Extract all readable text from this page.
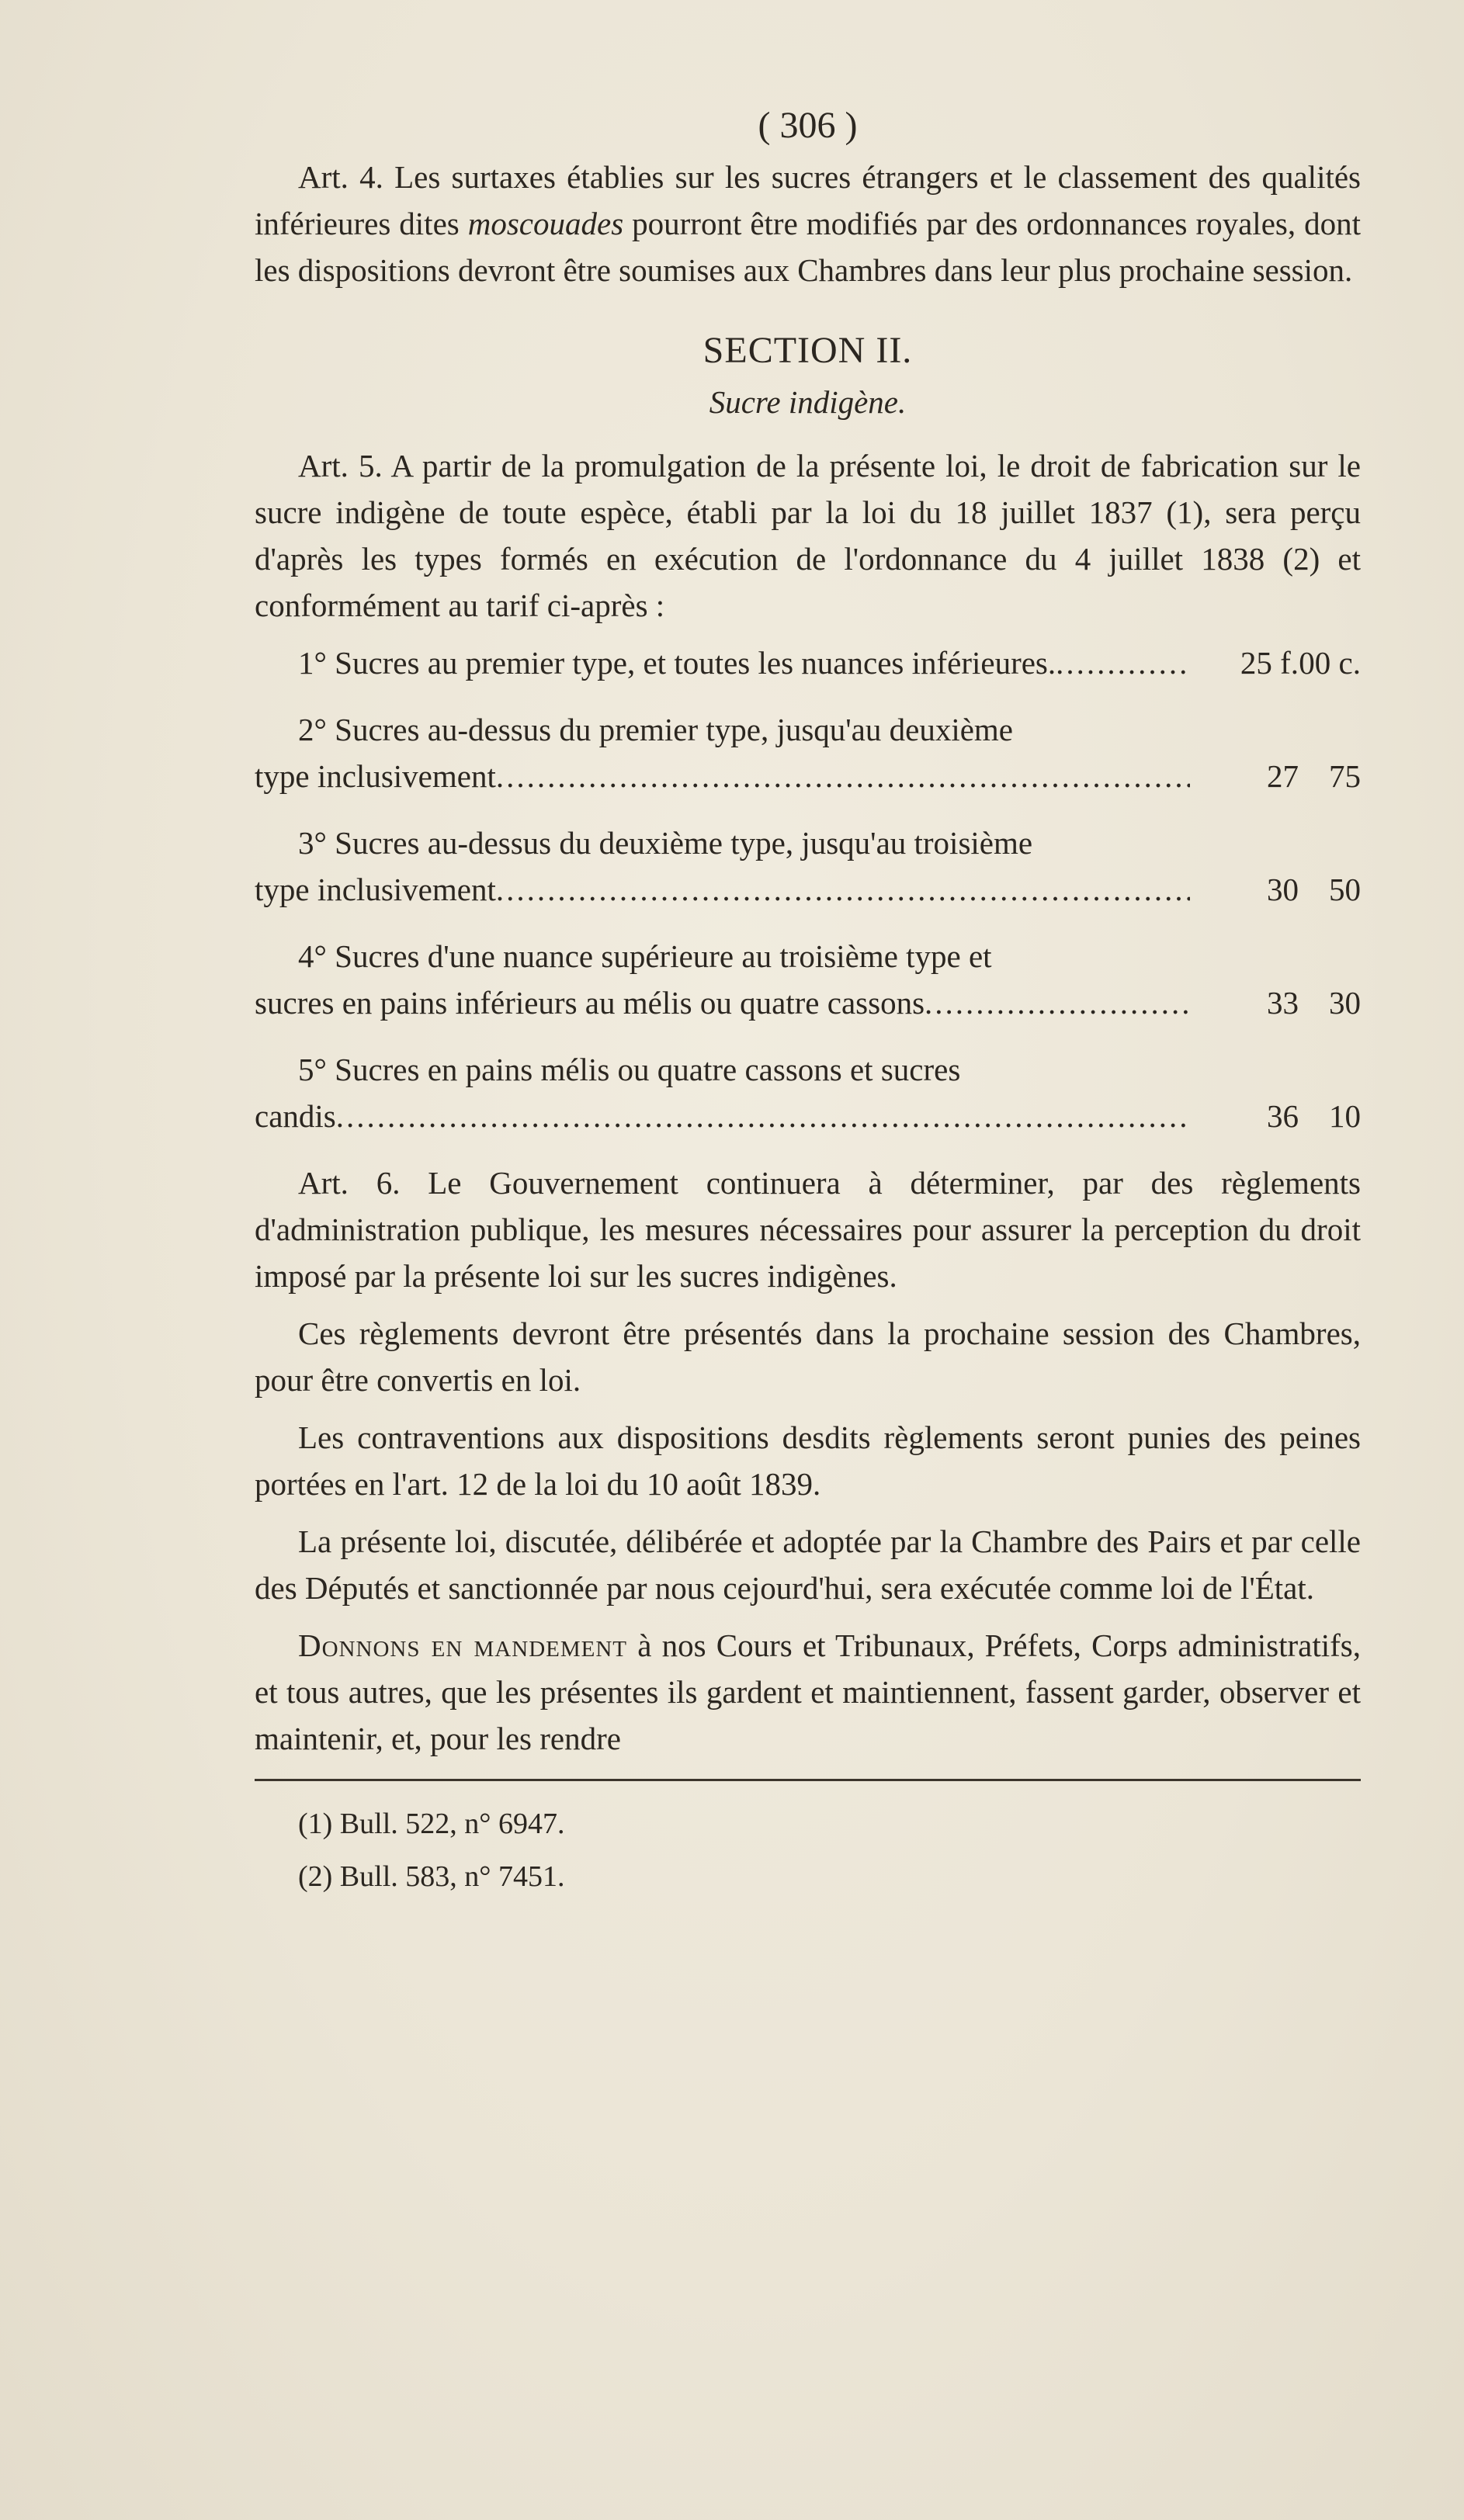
( 306 )

Art. 4. Les surtaxes établies sur les sucres étrangers et le classement des qualités inférieures dites moscouades pourront être modifiés par des ordonnances royales, dont les dispositions devront être soumises aux Chambres dans leur plus prochaine session.

SECTION II.
Sucre indigène.

Art. 5. A partir de la promulgation de la présente loi, le droit de fabrication sur le sucre indigène de toute espèce, établi par la loi du 18 juillet 1837 (1), sera perçu d'après les types formés en exécution de l'ordonnance du 4 juillet 1838 (2) et conformément au tarif ci-après :

1° Sucres au premier type, et toutes les nuances inférieures. .....	25 f. 00 c.
2° Sucres au-dessus du premier type, jusqu'au deuxième
type inclusivement .....	27 75
3° Sucres au-dessus du deuxième type, jusqu'au troisième
type inclusivement .....	30 50
4° Sucres d'une nuance supérieure au troisième type et
sucres en pains inférieurs au mélis ou quatre cassons .....	33 30
5° Sucres en pains mélis ou quatre cassons et sucres
candis .....	36 10

Art. 6. Le Gouvernement continuera à déterminer, par des règlements d'administration publique, les mesures nécessaires pour assurer la perception du droit imposé par la présente loi sur les sucres indigènes.

Ces règlements devront être présentés dans la prochaine session des Chambres, pour être convertis en loi.

Les contraventions aux dispositions desdits règlements seront punies des peines portées en l'art. 12 de la loi du 10 août 1839.

La présente loi, discutée, délibérée et adoptée par la Chambre des Pairs et par celle des Députés et sanctionnée par nous cejourd'hui, sera exécutée comme loi de l'État.

Donnons en mandement à nos Cours et Tribunaux, Préfets, Corps administratifs, et tous autres, que les présentes ils gardent et maintiennent, fassent garder, observer et maintenir, et, pour les rendre

(1) Bull. 522, n° 6947.
(2) Bull. 583, n° 7451.
